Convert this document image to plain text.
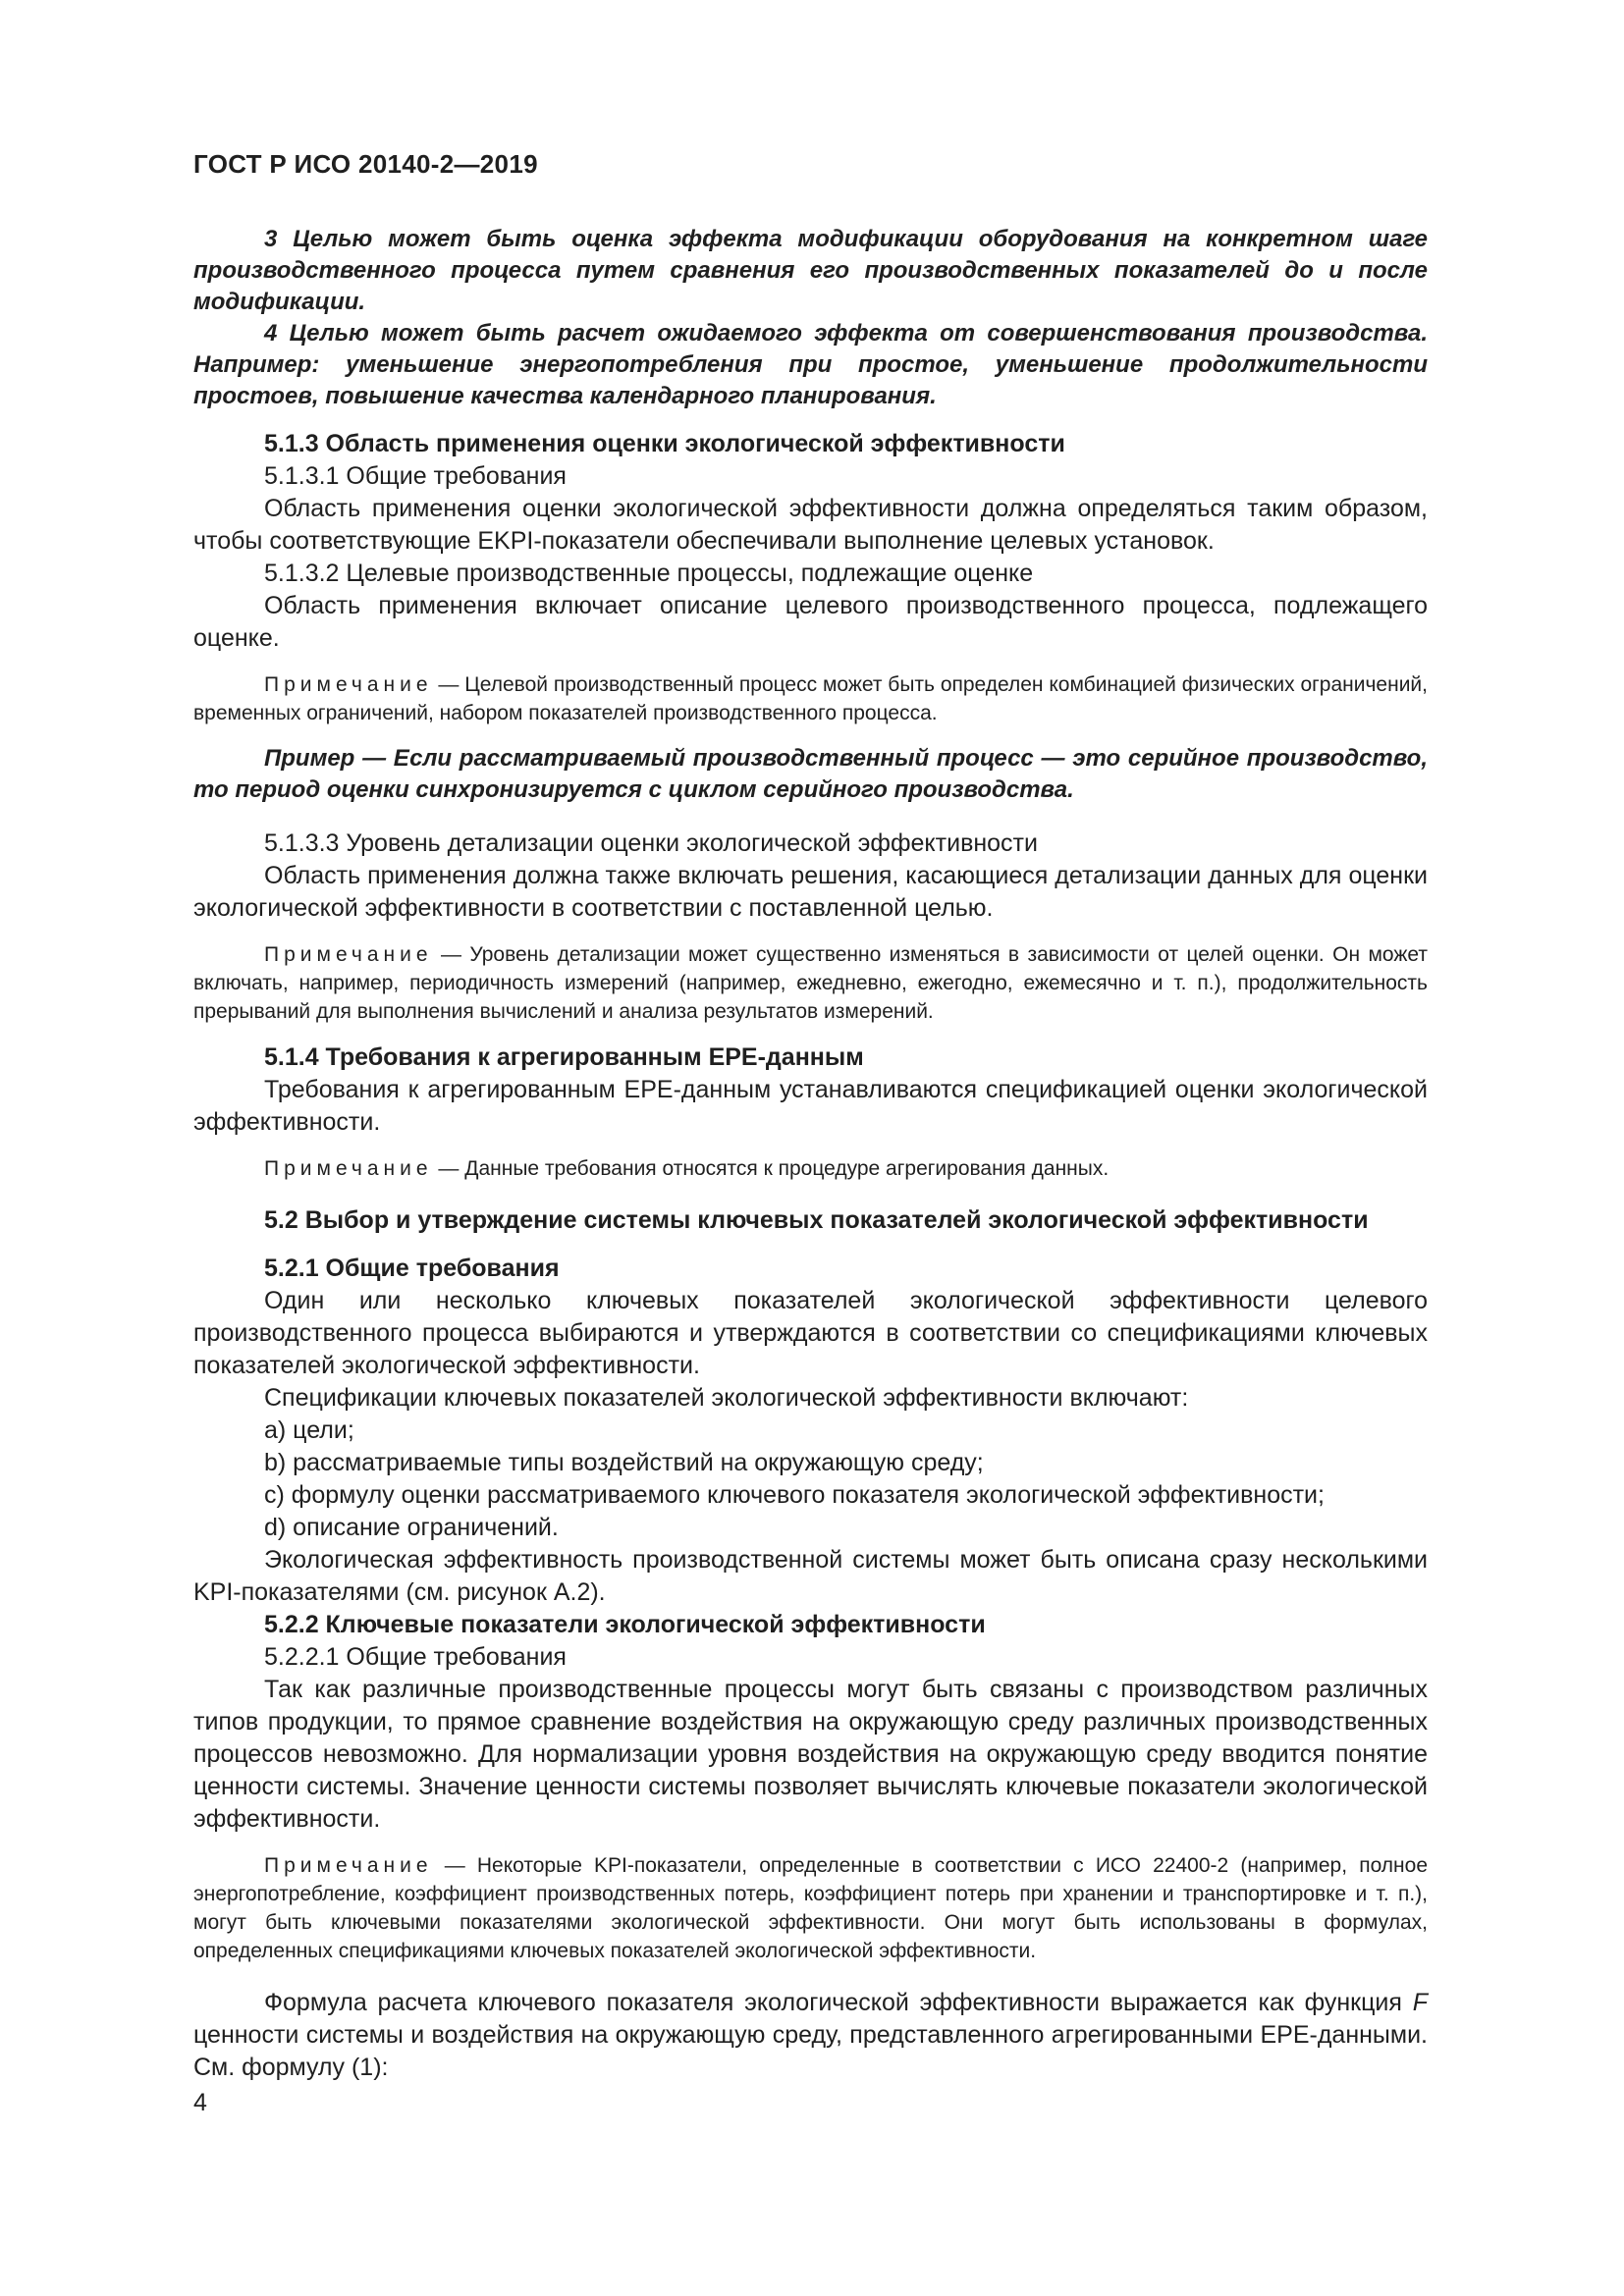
ГОСТ Р ИСО 20140-2—2019

3 Целью может быть оценка эффекта модификации оборудования на конкретном шаге производственного процесса путем сравнения его производственных показателей до и после модификации.

4 Целью может быть расчет ожидаемого эффекта от совершенствования производства. Например: уменьшение энергопотребления при простое, уменьшение продолжительности простоев, повышение качества календарного планирования.

5.1.3 Область применения оценки экологической эффективности

5.1.3.1 Общие требования

Область применения оценки экологической эффективности должна определяться таким образом, чтобы соответствующие EKPI-показатели обеспечивали выполнение целевых установок.

5.1.3.2 Целевые производственные процессы, подлежащие оценке

Область применения включает описание целевого производственного процесса, подлежащего оценке.

Примечание — Целевой производственный процесс может быть определен комбинацией физических ограничений, временных ограничений, набором показателей производственного процесса.

Пример — Если рассматриваемый производственный процесс — это серийное производство, то период оценки синхронизируется с циклом серийного производства.

5.1.3.3 Уровень детализации оценки экологической эффективности

Область применения должна также включать решения, касающиеся детализации данных для оценки экологической эффективности в соответствии с поставленной целью.

Примечание — Уровень детализации может существенно изменяться в зависимости от целей оценки. Он может включать, например, периодичность измерений (например, ежедневно, ежегодно, ежемесячно и т. п.), продолжительность прерываний для выполнения вычислений и анализа результатов измерений.

5.1.4 Требования к агрегированным EPE-данным

Требования к агрегированным EPE-данным устанавливаются спецификацией оценки экологической эффективности.

Примечание — Данные требования относятся к процедуре агрегирования данных.

5.2 Выбор и утверждение системы ключевых показателей экологической эффективности

5.2.1 Общие требования

Один или несколько ключевых показателей экологической эффективности целевого производственного процесса выбираются и утверждаются в соответствии со спецификациями ключевых показателей экологической эффективности.

Спецификации ключевых показателей экологической эффективности включают:

a) цели;

b) рассматриваемые типы воздействий на окружающую среду;

c) формулу оценки рассматриваемого ключевого показателя экологической эффективности;

d) описание ограничений.

Экологическая эффективность производственной системы может быть описана сразу несколькими KPI-показателями (см. рисунок A.2).

5.2.2 Ключевые показатели экологической эффективности

5.2.2.1 Общие требования

Так как различные производственные процессы могут быть связаны с производством различных типов продукции, то прямое сравнение воздействия на окружающую среду различных производственных процессов невозможно. Для нормализации уровня воздействия на окружающую среду вводится понятие ценности системы. Значение ценности системы позволяет вычислять ключевые показатели экологической эффективности.

Примечание — Некоторые KPI-показатели, определенные в соответствии с ИСО 22400-2 (например, полное энергопотребление, коэффициент производственных потерь, коэффициент потерь при хранении и транспортировке и т. п.), могут быть ключевыми показателями экологической эффективности. Они могут быть использованы в формулах, определенных спецификациями ключевых показателей экологической эффективности.

Формула расчета ключевого показателя экологической эффективности выражается как функция F ценности системы и воздействия на окружающую среду, представленного агрегированными EPE-данными. См. формулу (1):

4
